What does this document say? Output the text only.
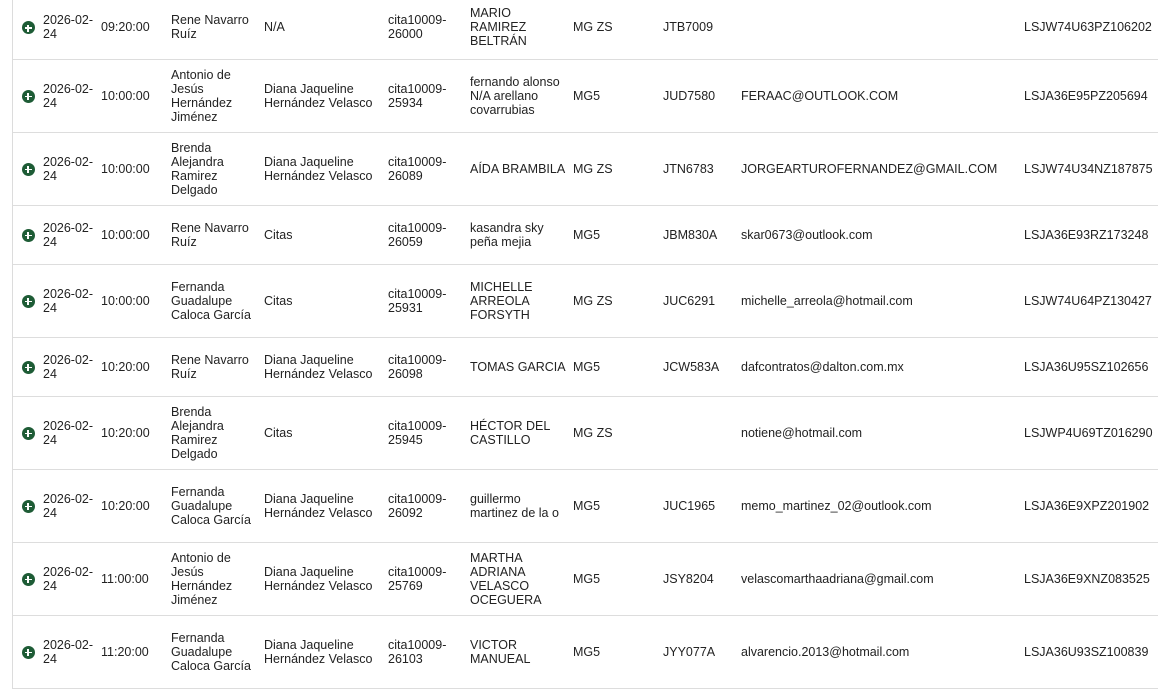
	2026-02-24	09:20:00	Rene Navarro Ruíz	N/A	cita10009-26000	MARIO RAMIREZ BELTRÁN	MG ZS	JTB7009		LSJW74U63PZ106202

	2026-02-24	10:00:00	Antonio de Jesús Hernández Jiménez	Diana Jaqueline Hernández Velasco	cita10009-25934	fernando alonso N/A arellano covarrubias	MG5	JUD7580	FERAAC@OUTLOOK.COM	LSJA36E95PZ205694

	2026-02-24	10:00:00	Brenda Alejandra Ramirez Delgado	Diana Jaqueline Hernández Velasco	cita10009-26089	AÍDA BRAMBILA	MG ZS	JTN6783	JORGEARTUROFERNANDEZ@GMAIL.COM	LSJW74U34NZ187875

	2026-02-24	10:00:00	Rene Navarro Ruíz	Citas	cita10009-26059	kasandra sky peña mejia	MG5	JBM830A	skar0673@outlook.com	LSJA36E93RZ173248

	2026-02-24	10:00:00	Fernanda Guadalupe Caloca García	Citas	cita10009-25931	MICHELLE ARREOLA FORSYTH	MG ZS	JUC6291	michelle_arreola@hotmail.com	LSJW74U64PZ130427

	2026-02-24	10:20:00	Rene Navarro Ruíz	Diana Jaqueline Hernández Velasco	cita10009-26098	TOMAS GARCIA	MG5	JCW583A	dafcontratos@dalton.com.mx	LSJA36U95SZ102656

	2026-02-24	10:20:00	Brenda Alejandra Ramirez Delgado	Citas	cita10009-25945	HÉCTOR DEL CASTILLO	MG ZS		notiene@hotmail.com	LSJWP4U69TZ016290

	2026-02-24	10:20:00	Fernanda Guadalupe Caloca García	Diana Jaqueline Hernández Velasco	cita10009-26092	guillermo martinez de la o	MG5	JUC1965	memo_martinez_02@outlook.com	LSJA36E9XPZ201902

	2026-02-24	11:00:00	Antonio de Jesús Hernández Jiménez	Diana Jaqueline Hernández Velasco	cita10009-25769	MARTHA ADRIANA VELASCO OCEGUERA	MG5	JSY8204	velascomarthaadriana@gmail.com	LSJA36E9XNZ083525

	2026-02-24	11:20:00	Fernanda Guadalupe Caloca García	Diana Jaqueline Hernández Velasco	cita10009-26103	VICTOR MANUEAL	MG5	JYY077A	alvarencio.2013@hotmail.com	LSJA36U93SZ100839
